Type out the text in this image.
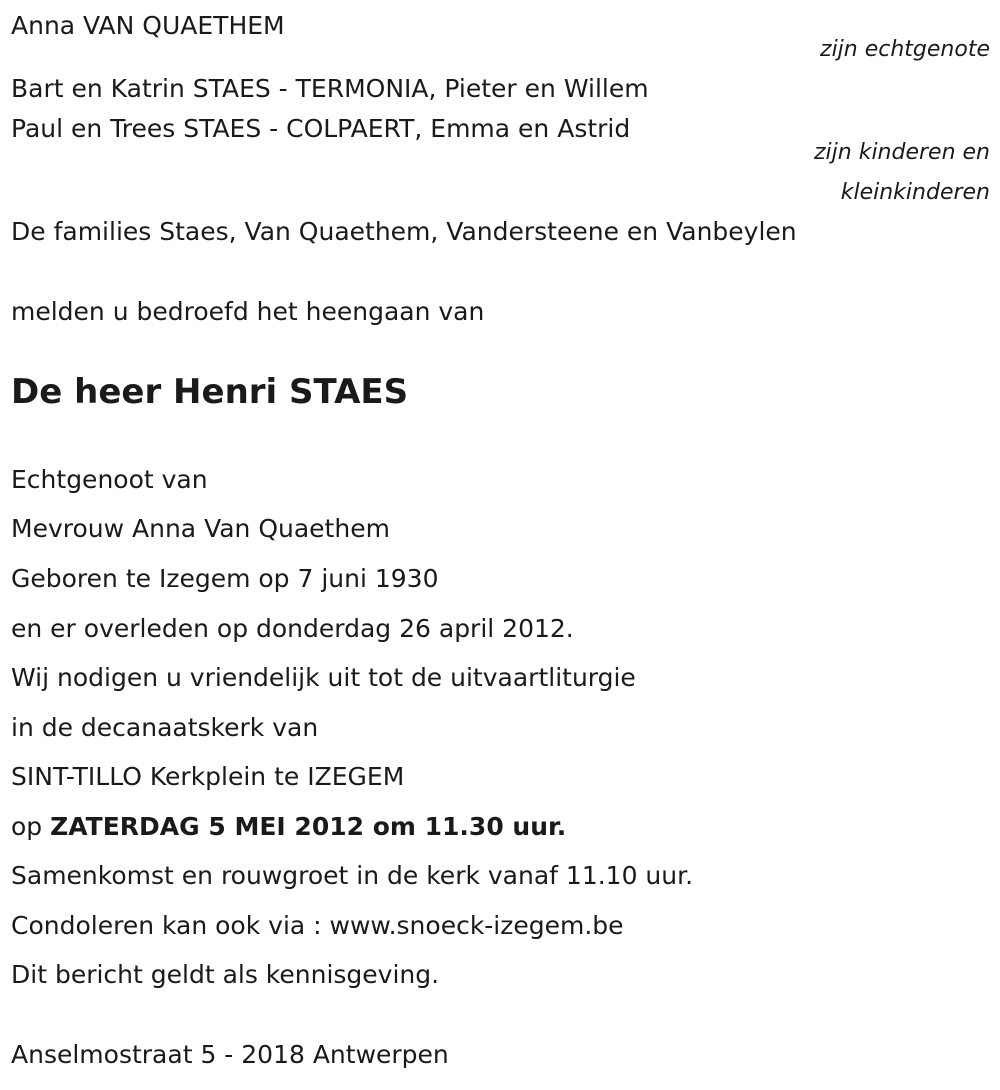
Anna VAN QUAETHEM
zijn echtgenote
Bart en Katrin STAES - TERMONIA, Pieter en Willem
Paul en Trees STAES - COLPAERT, Emma en Astrid
zijn kinderen en
kleinkinderen
De families Staes, Van Quaethem, Vandersteene en Vanbeylen
melden u bedroefd het heengaan van
De heer Henri STAES
Echtgenoot van
Mevrouw Anna Van Quaethem
Geboren te Izegem op 7 juni 1930
en er overleden op donderdag 26 april 2012.
Wij nodigen u vriendelijk uit tot de uitvaartliturgie
in de decanaatskerk van
SINT-TILLO Kerkplein te IZEGEM
op ZATERDAG 5 MEI 2012 om 11.30 uur.
Samenkomst en rouwgroet in de kerk vanaf 11.10 uur.
Condoleren kan ook via : www.snoeck-izegem.be
Dit bericht geldt als kennisgeving.
Anselmostraat 5 - 2018 Antwerpen
